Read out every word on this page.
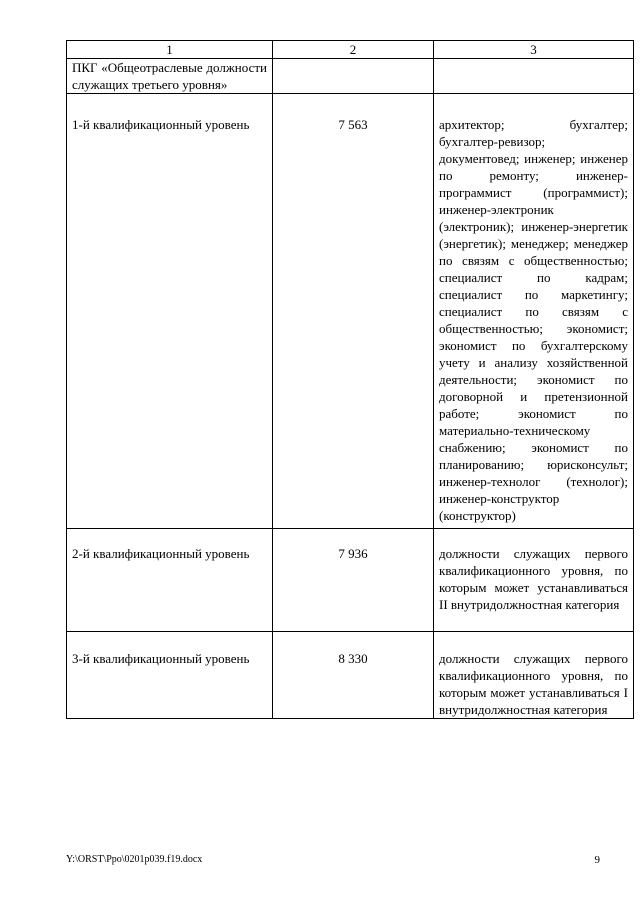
1	2	3

ПКГ «Общеотраслевые должности служащих третьего уровня»		

1-й квалификационный уровень	7 563	архитектор; бухгалтер; бухгалтер-ревизор; документовед; инженер; инженер по ремонту; инженер-программист (программист); инженер-электроник (электроник); инженер-энергетик (энергетик); менеджер; менеджер по связям с общественностью; специалист по кадрам; специалист по маркетингу; специалист по связям с общественностью; экономист; экономист по бухгалтерскому учету и анализу хозяйственной деятельности; экономист по договорной и претензионной работе; экономист по материально-техническому снабжению; экономист по планированию; юрисконсульт; инженер-технолог (технолог); инженер-конструктор (конструктор)

2-й квалификационный уровень	7 936	должности служащих первого квалификационного уровня, по которым может устанавливаться II внутридолжностная категория

3-й квалификационный уровень	8 330	должности служащих первого квалификационного уровня, по которым может устанавливаться I внутридолжностная категория
Y:\ORST\Ppo\0201p039.f19.docx	9
